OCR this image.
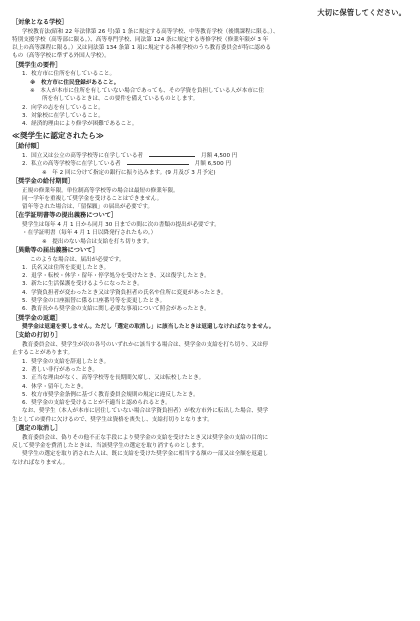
大切に保管してください。
［対象となる学校］
学校教育法(昭和 22 年法律第 26 号)第 1 条に規定する高等学校、中等教育学校（後期課程に限る。）、
特別支援学校（高等部に限る。）、高等専門学校、同法第 124 条に規定する専修学校（修業年限が 3 年
以上の高等課程に限る。）又は同法第 134 条第 1 項に規定する各種学校のうち教育委員会が特に認める
もの（高等学校に準ずる外国人学校）。
［奨学生の要件］
1．枚方市に住所を有していること。
※　枚方市に住民登録があること。
※　本人が本市に住所を有していない場合であっても、その学資を負担している人が本市に住
所を有しているときは、この要件を備えているものとします。
2．向学の志を有していること。
3．対象校に在学していること。
4．経済的理由により修学が困難であること。
≪奨学生に認定されたら≫
［給付額］
1．国立又は公立の高等学校等に在学している者	月額 4,500 円
2．私立の高等学校等に在学している者	月額 6,500 円
※　年 2 回に分けて指定の銀行に振り込みます。(9 月及び 3 月予定)
［奨学金の給付期間］
正規の修業年限。単位制高等学校等の場合は最短の修業年限。
同一学年を重複して奨学金を受けることはできません。
留年等された場合は、「留保願」の届出が必要です。
［在学証明書等の提出義務について］
奨学生は毎年 4 月 1 日から同月 30 日までの間に次の書類の提出が必要です。
・在学証明書（毎年 4 月 1 日以降発行されたもの。）
※　提出のない場合は支給を打ち切ります。
［異動等の届出義務について］
このような場合は、届出が必要です。
1．氏名又は住所を変更したとき。
2．退学・転校・休学・留年・停学処分を受けたとき、又は復学したとき。
3．新たに生活保護を受けるようになったとき。
4．学資負担者が変わったとき又は学資負担者の氏名や住所に変更があったとき。
5．奨学金の口座振替に係る口座番号等を変更したとき。
6．教育長から奨学金の支給に関し必要な事項について照会があったとき。
［奨学金の返還］
奨学金は返還を要しません。ただし「選定の取消し」に該当したときは返還しなければなりません。
［支給の打切り］
教育委員会は、奨学生が次の各号のいずれかに該当する場合は、奨学金の支給を打ち切り、又は停
止することがあります。
1．奨学金の支給を辞退したとき。
2．著しい非行があったとき。
3．正当な理由がなく、高等学校等を長期間欠席し、又は転校したとき。
4．休学・留年したとき。
5．枚方市奨学金条例に基づく教育委員会規則の規定に違反したとき。
6．奨学金の支給を受けることが不適当と認められるとき。
なお、奨学生（本人が本市に居住していない場合は学資負担者）が枚方市外に転出した場合、奨学
生としての要件に欠けるので、奨学生は資格を喪失し、支給打切りとなります。
［選定の取消し］
教育委員会は、偽りその他不正な手段により奨学金の支給を受けたとき又は奨学金の支給の目的に
反して奨学金を費消したときは、当該奨学生の選定を取り消すものとします。
奨学生の選定を取り消された人は、既に支給を受けた奨学金に相当する額の一部又は全額を返還し
なければなりません。
